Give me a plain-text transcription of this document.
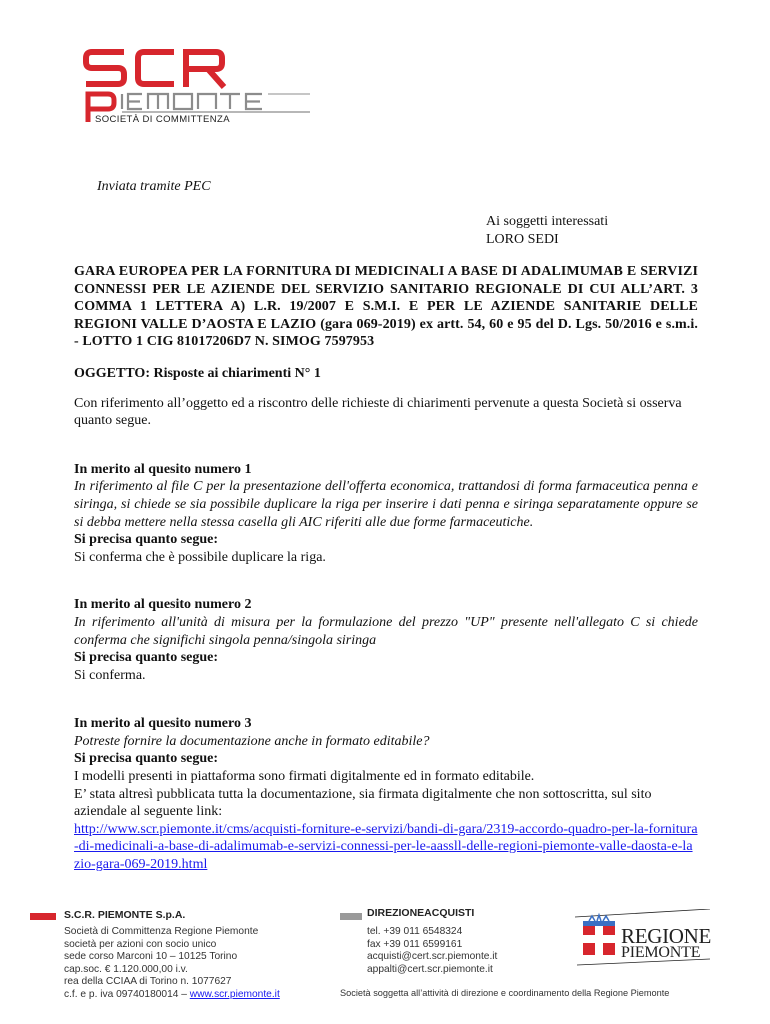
SOCIETÀ DI COMMITTENZA
Inviata tramite PEC
Ai soggetti interessati
LORO SEDI
GARA EUROPEA PER LA FORNITURA DI MEDICINALI A BASE DI ADALIMUMAB E SERVIZI CONNESSI PER LE AZIENDE DEL SERVIZIO SANITARIO REGIONALE DI CUI ALL’ART. 3 COMMA 1 LETTERA A) L.R. 19/2007 E S.M.I. E PER LE AZIENDE SANITARIE DELLE REGIONI VALLE D’AOSTA E LAZIO (gara 069-2019) ex artt. 54, 60 e 95 del D. Lgs. 50/2016 e s.m.i. - LOTTO 1 CIG 81017206D7 N. SIMOG 7597953
OGGETTO: Risposte ai chiarimenti N° 1
Con riferimento all’oggetto ed a riscontro delle richieste di chiarimenti pervenute a questa Società si osserva quanto segue.
In merito al quesito numero 1
In riferimento al file C per la presentazione dell'offerta economica, trattandosi di forma farmaceutica penna e siringa, si chiede se sia possibile duplicare la riga per inserire i dati penna e siringa separatamente oppure se si debba mettere nella stessa casella gli AIC riferiti alle due forme farmaceutiche.
Si precisa quanto segue:
Si conferma che è possibile duplicare la riga.
In merito al quesito numero 2
In riferimento all'unità di misura per la formulazione del prezzo "UP" presente nell'allegato C si chiede conferma che significhi singola penna/singola siringa
Si precisa quanto segue:
Si conferma.
In merito al quesito numero 3
Potreste fornire la documentazione anche in formato editabile?
Si precisa quanto segue:
I modelli presenti in piattaforma sono firmati digitalmente ed in formato editabile.
E’ stata altresì pubblicata tutta la documentazione, sia firmata digitalmente che non sottoscritta, sul sito aziendale al seguente link:
http://www.scr.piemonte.it/cms/acquisti-forniture-e-servizi/bandi-di-gara/2319-accordo-quadro-per-la-fornitura-di-medicinali-a-base-di-adalimumab-e-servizi-connessi-per-le-aassll-delle-regioni-piemonte-valle-daosta-e-lazio-gara-069-2019.html
S.C.R. PIEMONTE S.p.A.
Società di Committenza Regione Piemonte
società per azioni con socio unico
sede corso Marconi 10 – 10125 Torino
cap.soc. € 1.120.000,00 i.v.
rea della CCIAA di Torino n. 1077627
c.f. e p. iva 09740180014 – www.scr.piemonte.it
DIREZIONEACQUISTI
tel. +39 011 6548324
fax +39 011 6599161
acquisti@cert.scr.piemonte.it
appalti@cert.scr.piemonte.it
REGIONE
PIEMONTE
Società soggetta all’attività di direzione e coordinamento della Regione Piemonte
